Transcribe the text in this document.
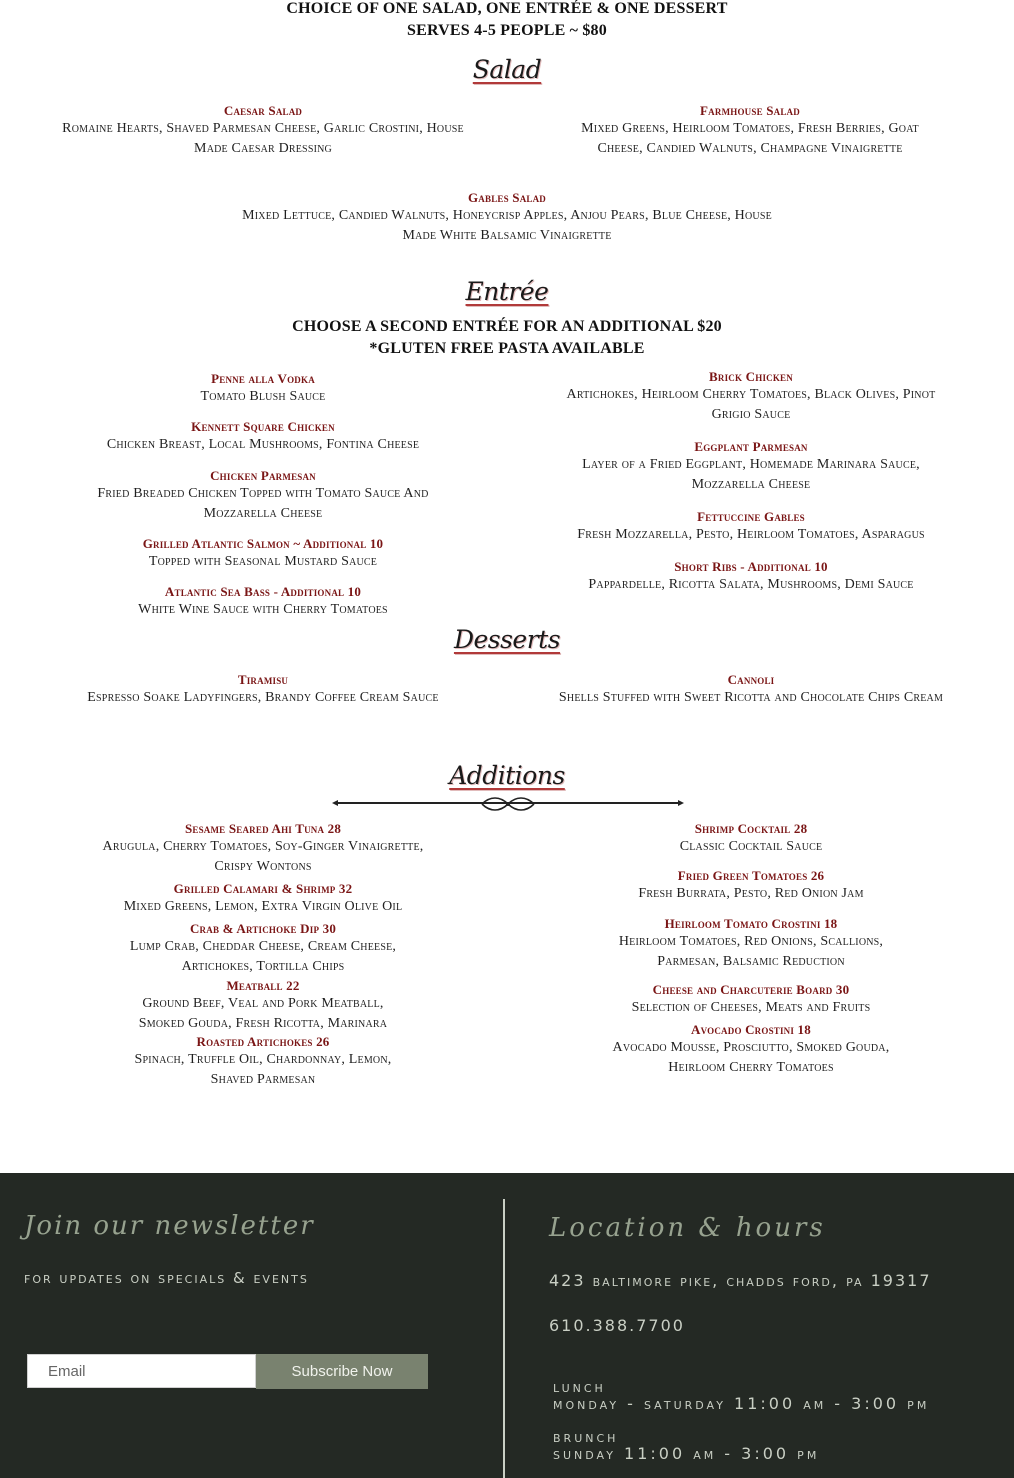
CHOICE OF ONE SALAD, ONE ENTRÉE & ONE DESSERT
SERVES 4-5 PEOPLE ~ $80
Salad
Caesar Salad
Romaine Hearts, Shaved Parmesan Cheese, Garlic Crostini, House Made Caesar Dressing
Farmhouse Salad
Mixed Greens, Heirloom Tomatoes, Fresh Berries, Goat Cheese, Candied Walnuts, Champagne Vinaigrette
Gables Salad
Mixed Lettuce, Candied Walnuts, Honeycrisp Apples, Anjou Pears, Blue Cheese, House Made White Balsamic Vinaigrette
Entrée
CHOOSE A SECOND ENTRÉE FOR AN ADDITIONAL $20
*GLUTEN FREE PASTA AVAILABLE
Penne alla Vodka
Tomato Blush Sauce
Kennett Square Chicken
Chicken Breast, Local Mushrooms, Fontina Cheese
Chicken Parmesan
Fried Breaded Chicken Topped with Tomato Sauce And Mozzarella Cheese
Grilled Atlantic Salmon ~ Additional 10
Topped with Seasonal Mustard Sauce
Atlantic Sea Bass - Additional 10
White Wine Sauce with Cherry Tomatoes
Brick Chicken
Artichokes, Heirloom Cherry Tomatoes, Black Olives, Pinot Grigio Sauce
Eggplant Parmesan
Layer of a Fried Eggplant, Homemade Marinara Sauce, Mozzarella Cheese
Fettuccine Gables
Fresh Mozzarella, Pesto, Heirloom Tomatoes, Asparagus
Short Ribs - Additional 10
Pappardelle, Ricotta Salata, Mushrooms, Demi Sauce
Desserts
Tiramisu
Espresso Soake Ladyfingers, Brandy Coffee Cream Sauce
Cannoli
Shells Stuffed with Sweet Ricotta and Chocolate Chips Cream
Additions
Sesame Seared Ahi Tuna 28
Arugula, Cherry Tomatoes, Soy-Ginger Vinaigrette, Crispy Wontons
Grilled Calamari & Shrimp 32
Mixed Greens, Lemon, Extra Virgin Olive Oil
Crab & Artichoke Dip 30
Lump Crab, Cheddar Cheese, Cream Cheese, Artichokes, Tortilla Chips
Meatball 22
Ground Beef, Veal and Pork Meatball, Smoked Gouda, Fresh Ricotta, Marinara
Roasted Artichokes 26
Spinach, Truffle Oil, Chardonnay, Lemon, Shaved Parmesan
Shrimp Cocktail 28
Classic Cocktail Sauce
Fried Green Tomatoes 26
Fresh Burrata, Pesto, Red Onion Jam
Heirloom Tomato Crostini 18
Heirloom Tomatoes, Red Onions, Scallions, Parmesan, Balsamic Reduction
Cheese and Charcuterie Board 30
Selection of Cheeses, Meats and Fruits
Avocado Crostini 18
Avocado Mousse, Prosciutto, Smoked Gouda, Heirloom Cherry Tomatoes
Join our newsletter
for updates on specials & events
Email
Subscribe Now
Location & hours
423 baltimore pike, chadds ford, pa 19317
610.388.7700
lunch
monday - saturday 11:00 am - 3:00 pm
brunch
sunday 11:00 am - 3:00 pm
